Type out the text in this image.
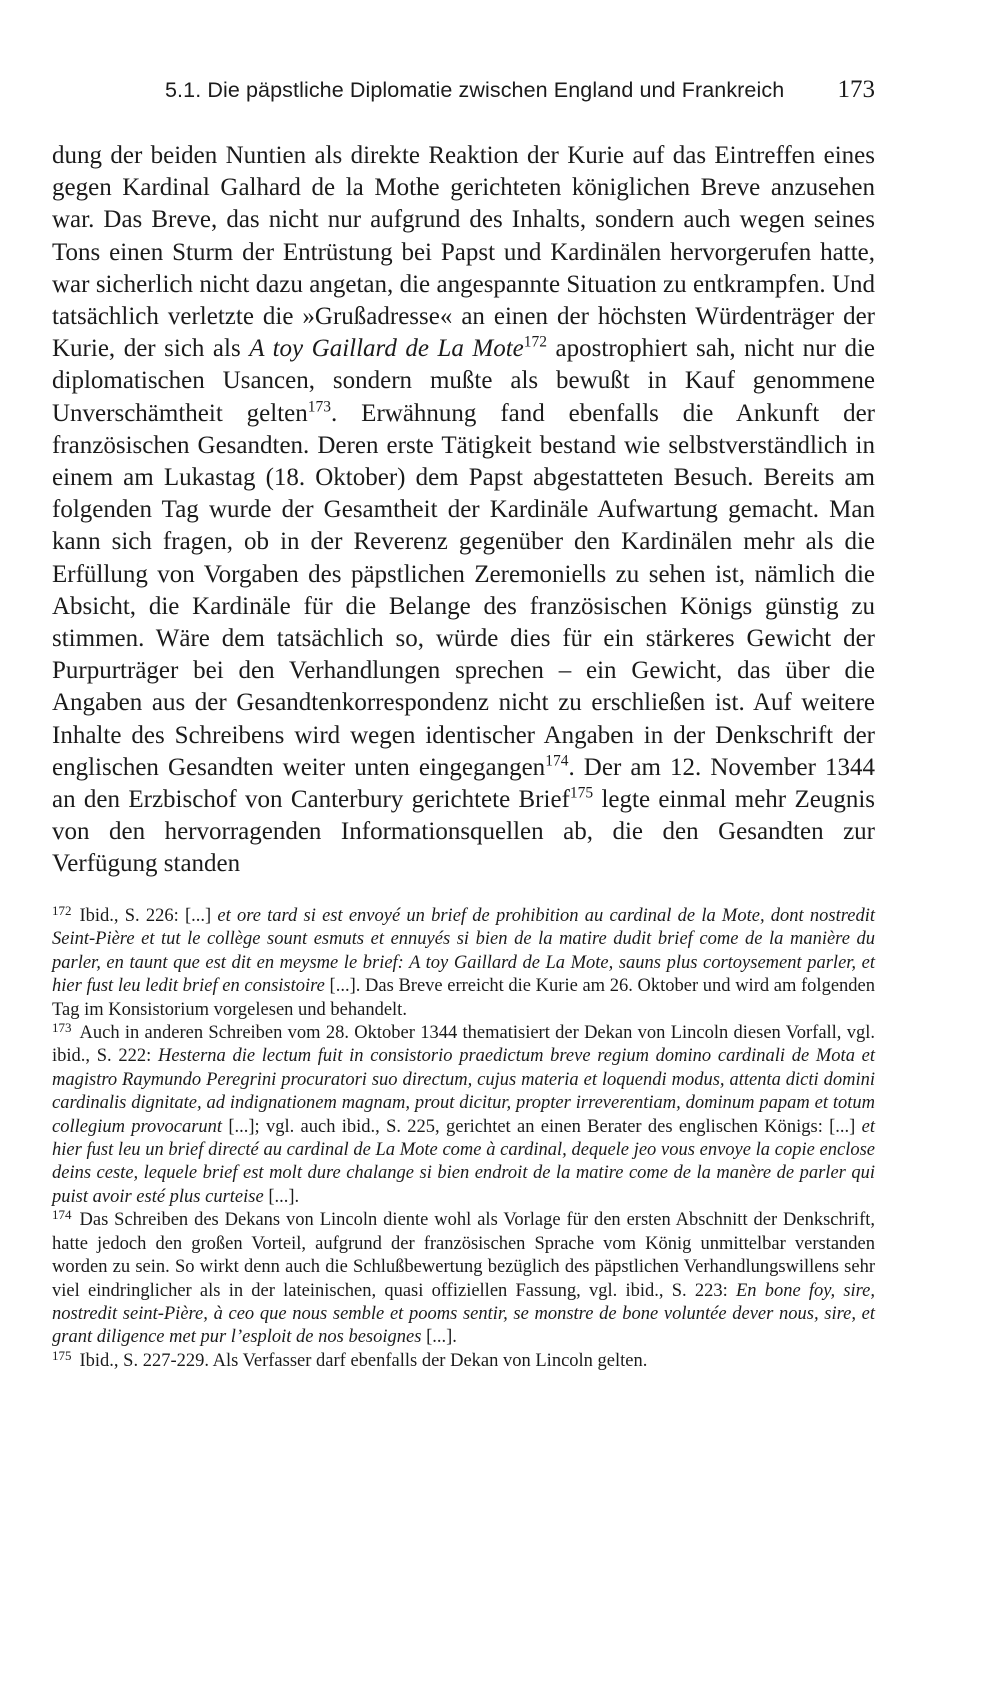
5.1. Die päpstliche Diplomatie zwischen England und Frankreich 173

dung der beiden Nuntien als direkte Reaktion der Kurie auf das Eintreffen eines gegen Kardinal Galhard de la Mothe gerichteten königlichen Breve anzusehen war. Das Breve, das nicht nur aufgrund des Inhalts, sondern auch wegen seines Tons einen Sturm der Entrüstung bei Papst und Kardinälen hervorgerufen hatte, war sicherlich nicht dazu angetan, die angespannte Situation zu entkrampfen. Und tatsächlich verletzte die »Grußadresse« an einen der höchsten Würdenträger der Kurie, der sich als A toy Gaillard de La Mote$^{172}$ apostrophiert sah, nicht nur die diplomatischen Usancen, sondern mußte als bewußt in Kauf genommene Unverschämtheit gelten$^{173}$. Erwähnung fand ebenfalls die Ankunft der französischen Gesandten. Deren erste Tätigkeit bestand wie selbstverständlich in einem am Lukastag (18. Oktober) dem Papst abgestatteten Besuch. Bereits am folgenden Tag wurde der Gesamtheit der Kardinäle Aufwartung gemacht. Man kann sich fragen, ob in der Reverenz gegenüber den Kardinälen mehr als die Erfüllung von Vorgaben des päpstlichen Zeremoniells zu sehen ist, nämlich die Absicht, die Kardinäle für die Belange des französischen Königs günstig zu stimmen. Wäre dem tatsächlich so, würde dies für ein stärkeres Gewicht der Purpurträger bei den Verhandlungen sprechen – ein Gewicht, das über die Angaben aus der Gesandtenkorrespondenz nicht zu erschließen ist. Auf weitere Inhalte des Schreibens wird wegen identischer Angaben in der Denkschrift der englischen Gesandten weiter unten eingegangen$^{174}$. Der am 12. November 1344 an den Erzbischof von Canterbury gerichtete Brief$^{175}$ legte einmal mehr Zeugnis von den hervorragenden Informationsquellen ab, die den Gesandten zur Verfügung standen

$^{172}$ Ibid., S. 226: [...] et ore tard si est envoyé un brief de prohibition au cardinal de la Mote, dont nostredit Seint-Pière et tut le collège sount esmuts et ennuyés si bien de la matire dudit brief come de la manière du parler, en taunt que est dit en meysme le brief: A toy Gaillard de La Mote, sauns plus cortoysement parler, et hier fust leu ledit brief en consistoire [...]. Das Breve erreicht die Kurie am 26. Oktober und wird am folgenden Tag im Konsistorium vorgelesen und behandelt.

$^{173}$ Auch in anderen Schreiben vom 28. Oktober 1344 thematisiert der Dekan von Lincoln diesen Vorfall, vgl. ibid., S. 222: Hesterna die lectum fuit in consistorio praedictum breve regium domino cardinali de Mota et magistro Raymundo Peregrini procuratori suo directum, cujus materia et loquendi modus, attenta dicti domini cardinalis dignitate, ad indignationem magnam, prout dicitur, propter irreverentiam, dominum papam et totum collegium provocarunt [...]; vgl. auch ibid., S. 225, gerichtet an einen Berater des englischen Königs: [...] et hier fust leu un brief directé au cardinal de La Mote come à cardinal, dequele jeo vous envoye la copie enclose deins ceste, lequele brief est molt dure chalange si bien endroit de la matire come de la manère de parler qui puist avoir esté plus curteise [...].

$^{174}$ Das Schreiben des Dekans von Lincoln diente wohl als Vorlage für den ersten Abschnitt der Denkschrift, hatte jedoch den großen Vorteil, aufgrund der französischen Sprache vom König unmittelbar verstanden worden zu sein. So wirkt denn auch die Schlußbewertung bezüglich des päpstlichen Verhandlungswillens sehr viel eindringlicher als in der lateinischen, quasi offiziellen Fassung, vgl. ibid., S. 223: En bone foy, sire, nostredit seint-Pière, à ceo que nous semble et pooms sentir, se monstre de bone voluntée dever nous, sire, et grant diligence met pur l’esploit de nos besoignes [...].

$^{175}$ Ibid., S. 227-229. Als Verfasser darf ebenfalls der Dekan von Lincoln gelten.
